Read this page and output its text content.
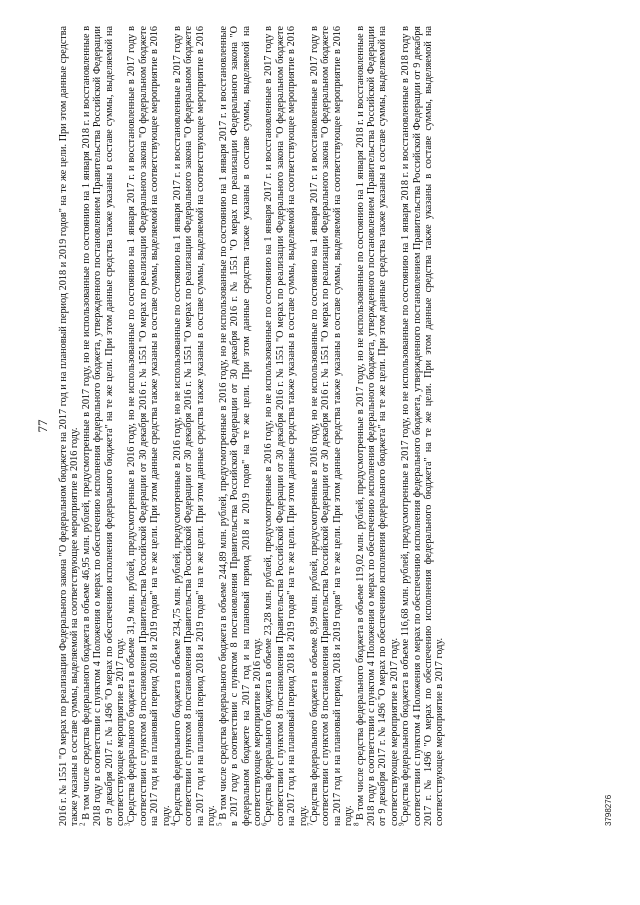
77 2016 г. № 1551 "О мерах по реализации Федерального закона "О федеральном бюджете на 2017 год и на плановый период 2018 и 2019 годов" на те же цели. При этом данные средства также указаны в составе суммы, выделяемой на соответствующее мероприятие в 2016 году.

$^2$ В том числе средства федерального бюджета в объеме 46,95 млн. рублей, предусмотренные в 2017 году, но не использованные по состоянию на 1 января 2018 г. и восстановленные в 2018 году в соответствии с пунктом 4 Положения о мерах по обеспечению исполнения федерального бюджета, утвержденного постановлением Правительства Российской Федерации от 9 декабря 2017 г. № 1496 "О мерах по обеспечению исполнения федерального бюджета" на те же цели. При этом данные средства также указаны в составе суммы, выделяемой на соответствующее мероприятие в 2017 году.

$^3$Средства федерального бюджета в объеме 31,9 млн. рублей, предусмотренные в 2016 году, но не использованные по состоянию на 1 января 2017 г. и восстановленные в 2017 году в соответствии с пунктом 8 постановления Правительства Российской Федерации от 30 декабря 2016 г. № 1551 "О мерах по реализации Федерального закона "О федеральном бюджете на 2017 год и на плановый период 2018 и 2019 годов" на те же цели. При этом данные средства также указаны в составе суммы, выделяемой на соответствующее мероприятие в 2016 году.

$^4$Средства федерального бюджета в объеме 234,75 млн. рублей, предусмотренные в 2016 году, но не использованные по состоянию на 1 января 2017 г. и восстановленные в 2017 году в соответствии с пунктом 8 постановления Правительства Российской Федерации от 30 декабря 2016 г. № 1551 "О мерах по реализации Федерального закона "О федеральном бюджете на 2017 год и на плановый период 2018 и 2019 годов" на те же цели. При этом данные средства также указаны в составе суммы, выделяемой на соответствующее мероприятие в 2016 году.

$^5$ В том числе средства федерального бюджета в объеме 244,89 млн. рублей, предусмотренные в 2016 году, но не использованные по состоянию на 1 января 2017 г. и восстановленные в 2017 году в соответствии с пунктом 8 постановления Правительства Российской Федерации от 30 декабря 2016 г. № 1551 "О мерах по реализации Федерального закона "О федеральном бюджете на 2017 год и на плановый период 2018 и 2019 годов" на те же цели. При этом данные средства также указаны в составе суммы, выделяемой на соответствующее мероприятие в 2016 году.

$^6$Средства федерального бюджета в объеме 23,28 млн. рублей, предусмотренные в 2016 году, но не использованные по состоянию на 1 января 2017 г. и восстановленные в 2017 году в соответствии с пунктом 8 постановления Правительства Российской Федерации от 30 декабря 2016 г. № 1551 "О мерах по реализации Федерального закона "О федеральном бюджете на 2017 год и на плановый период 2018 и 2019 годов" на те же цели. При этом данные средства также указаны в составе суммы, выделяемой на соответствующее мероприятие в 2016 году.

$^7$Средства федерального бюджета в объеме 8,99 млн. рублей, предусмотренные в 2016 году, но не использованные по состоянию на 1 января 2017 г. и восстановленные в 2017 году в соответствии с пунктом 8 постановления Правительства Российской Федерации от 30 декабря 2016 г. № 1551 "О мерах по реализации Федерального закона "О федеральном бюджете на 2017 год и на плановый период 2018 и 2019 годов" на те же цели. При этом данные средства также указаны в составе суммы, выделяемой на соответствующее мероприятие в 2016 году.

$^8$ В том числе средства федерального бюджета в объеме 119,02 млн. рублей, предусмотренные в 2017 году, но не использованные по состоянию на 1 января 2018 г. и восстановленные в 2018 году в соответствии с пунктом 4 Положения о мерах по обеспечению исполнения федерального бюджета, утвержденного постановлением Правительства Российской Федерации от 9 декабря 2017 г. № 1496 "О мерах по обеспечению исполнения федерального бюджета" на те же цели. При этом данные средства также указаны в составе суммы, выделяемой на соответствующее мероприятие в 2017 году.

$^9$Средства федерального бюджета в объеме 116,68 млн. рублей, предусмотренные в 2017 году, но не использованные по состоянию на 1 января 2018 г. и восстановленные в 2018 году в соответствии с пунктом 4 Положения о мерах по обеспечению исполнения федерального бюджета, утвержденного постановлением Правительства Российской Федерации от 9 декабря 2017 г. № 1496 "О мерах по обеспечению исполнения федерального бюджета" на те же цели. При этом данные средства также указаны в составе суммы, выделяемой на соответствующее мероприятие в 2017 году.	3798276
